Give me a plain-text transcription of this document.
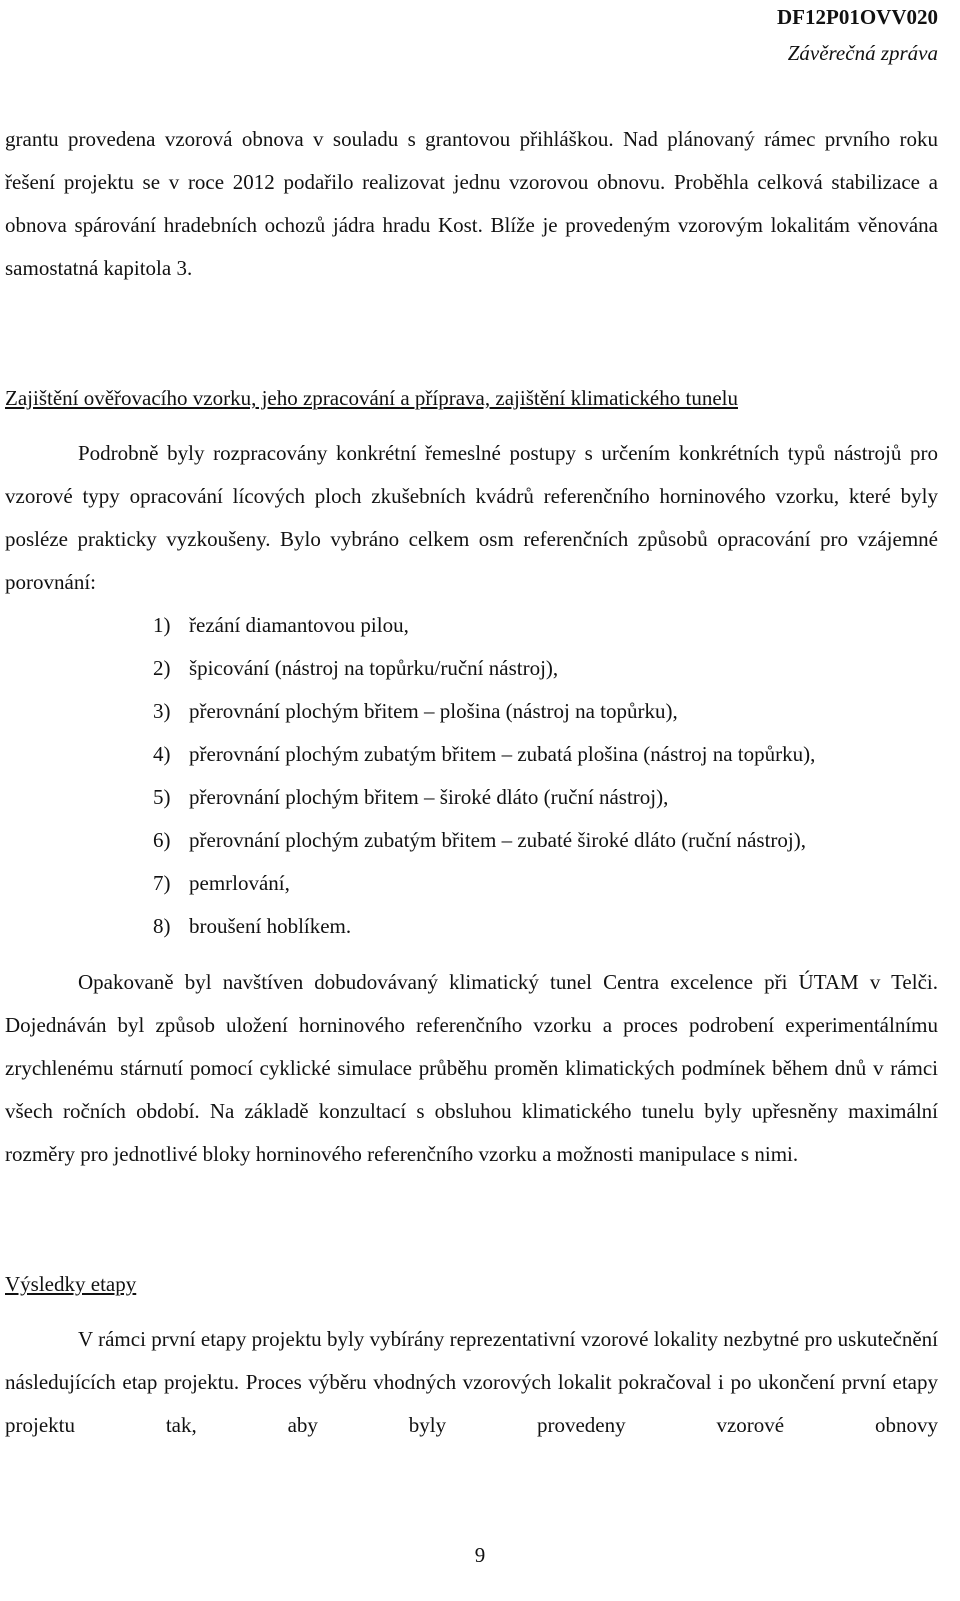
DF12P01OVV020
Závěrečná zpráva

grantu provedena vzorová obnova v souladu s grantovou přihláškou. Nad plánovaný rámec prvního roku řešení projektu se v roce 2012 podařilo realizovat jednu vzorovou obnovu. Proběhla celková stabilizace a obnova spárování hradebních ochozů jádra hradu Kost. Blíže je provedeným vzorovým lokalitám věnována samostatná kapitola 3.

Zajištění ověřovacího vzorku, jeho zpracování a příprava, zajištění klimatického tunelu

Podrobně byly rozpracovány konkrétní řemeslné postupy s určením konkrétních typů nástrojů pro vzorové typy opracování lícových ploch zkušebních kvádrů referenčního horninového vzorku, které byly posléze prakticky vyzkoušeny. Bylo vybráno celkem osm referenčních způsobů opracování pro vzájemné porovnání:

1) řezání diamantovou pilou,
2) špicování (nástroj na topůrku/ruční nástroj),
3) přerovnání plochým břitem – plošina (nástroj na topůrku),
4) přerovnání plochým zubatým břitem – zubatá plošina (nástroj na topůrku),
5) přerovnání plochým břitem – široké dláto (ruční nástroj),
6) přerovnání plochým zubatým břitem – zubaté široké dláto (ruční nástroj),
7) pemrlování,
8) broušení hoblíkem.

Opakovaně byl navštíven dobudovávaný klimatický tunel Centra excelence při ÚTAM v Telči. Dojednáván byl způsob uložení horninového referenčního vzorku a proces podrobení experimentálnímu zrychlenému stárnutí pomocí cyklické simulace průběhu proměn klimatických podmínek během dnů v rámci všech ročních období. Na základě konzultací s obsluhou klimatického tunelu byly upřesněny maximální rozměry pro jednotlivé bloky horninového referenčního vzorku a možnosti manipulace s nimi.

Výsledky etapy

V rámci první etapy projektu byly vybírány reprezentativní vzorové lokality nezbytné pro uskutečnění následujících etap projektu. Proces výběru vhodných vzorových lokalit pokračoval i po ukončení první etapy projektu tak, aby byly provedeny vzorové obnovy

9
